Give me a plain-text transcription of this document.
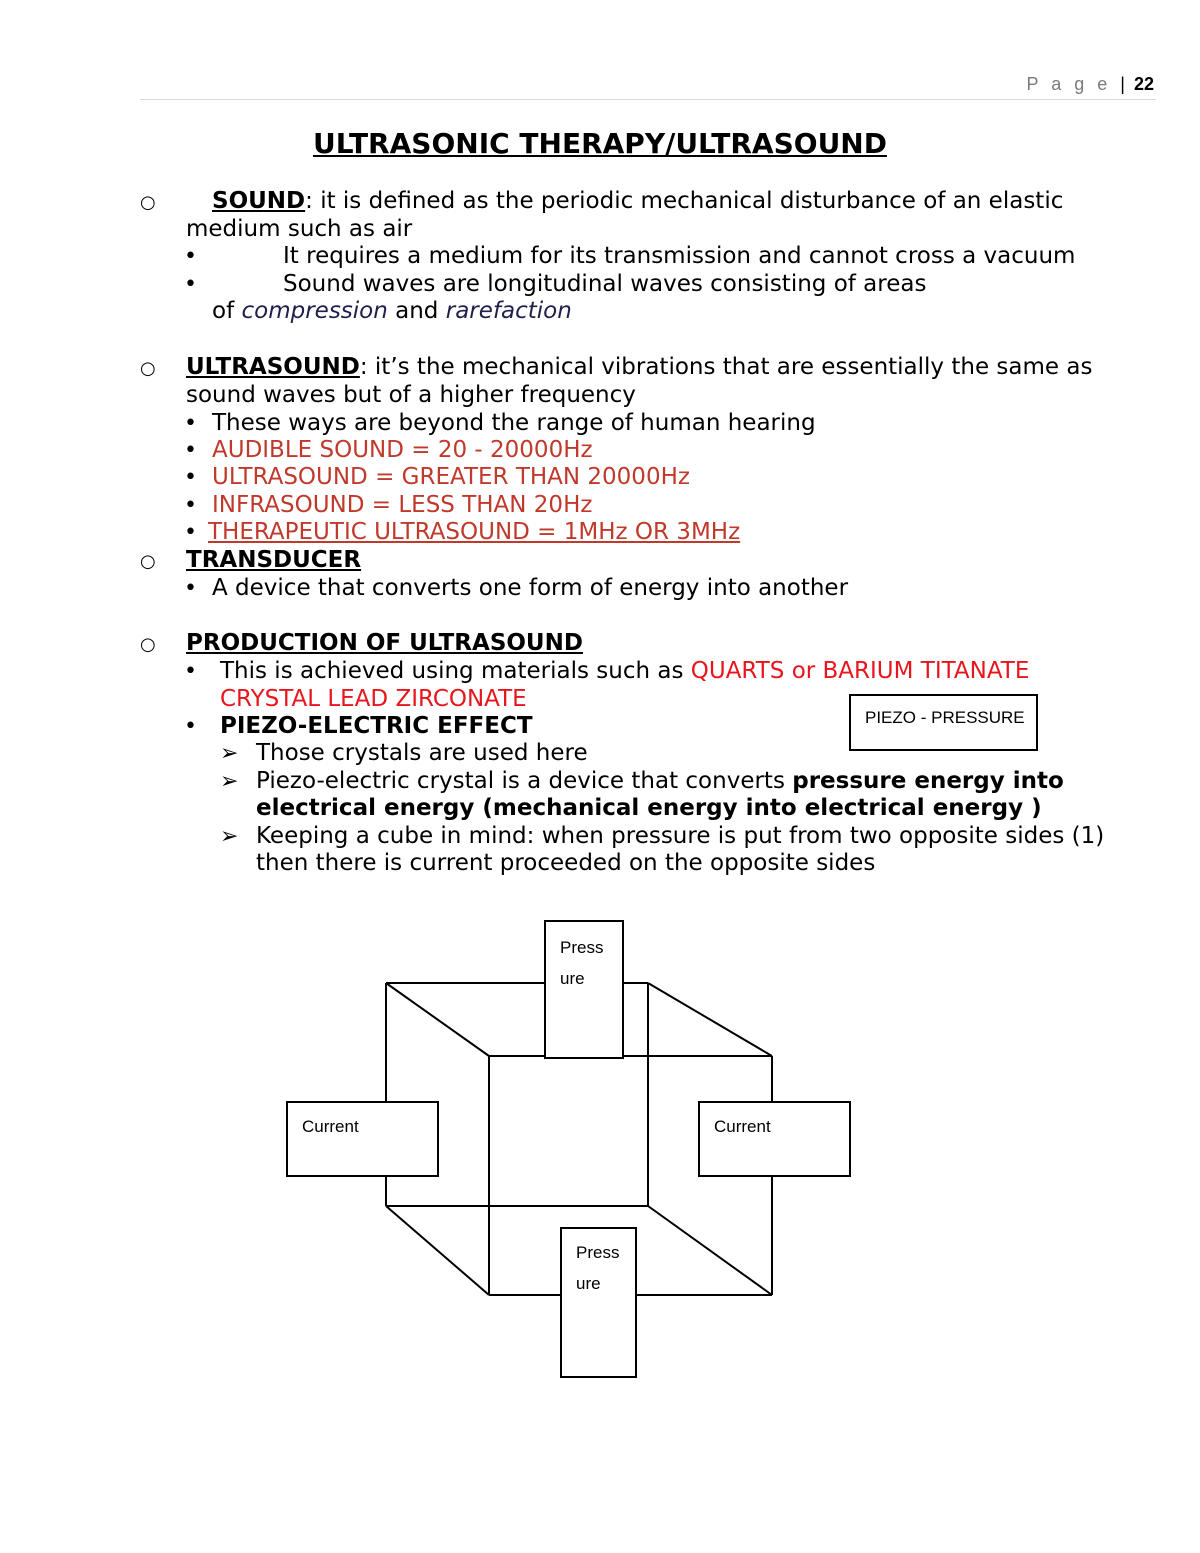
P a g e | 22
ULTRASONIC THERAPY/ULTRASOUND
○ SOUND: it is defined as the periodic mechanical disturbance of an elastic
medium such as air
•	It requires a medium for its transmission and cannot cross a vacuum
•	Sound waves are longitudinal waves consisting of areas
of compression and rarefaction
○ ULTRASOUND: it’s the mechanical vibrations that are essentially the same as
sound waves but of a higher frequency
• These ways are beyond the range of human hearing
• AUDIBLE SOUND = 20 - 20000Hz
• ULTRASOUND = GREATER THAN 20000Hz
• INFRASOUND = LESS THAN 20Hz
• THERAPEUTIC ULTRASOUND = 1MHz OR 3MHz
○ TRANSDUCER
• A device that converts one form of energy into another
○ PRODUCTION OF ULTRASOUND
• This is achieved using materials such as QUARTS or BARIUM TITANATE
CRYSTAL LEAD ZIRCONATE
• PIEZO-ELECTRIC EFFECT
➢ Those crystals are used here
➢ Piezo-electric crystal is a device that converts pressure energy into
electrical energy (mechanical energy into electrical energy )
➢ Keeping a cube in mind: when pressure is put from two opposite sides (1)
then there is current proceeded on the opposite sides
PIEZO - PRESSURE
Press
ure
Press
ure
Current	Current
